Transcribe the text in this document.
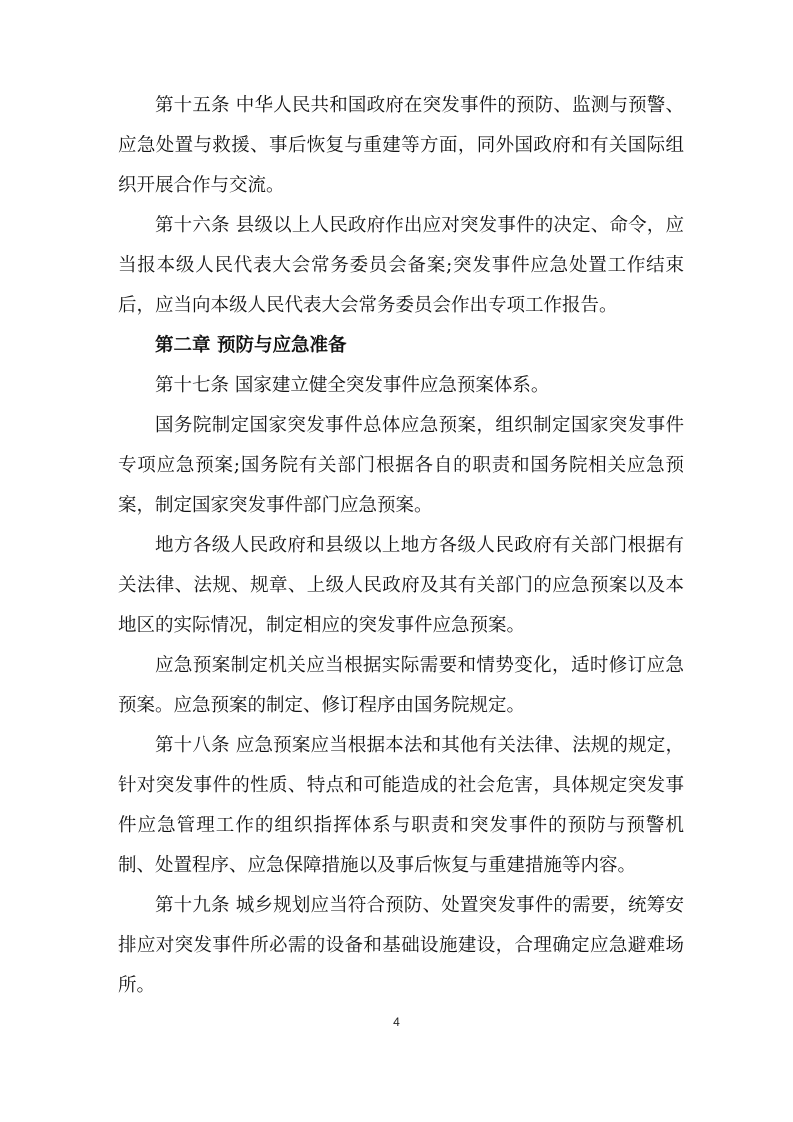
第十五条 中华人民共和国政府在突发事件的预防、监测与预警、应急处置与救援、事后恢复与重建等方面，同外国政府和有关国际组织开展合作与交流。

第十六条 县级以上人民政府作出应对突发事件的决定、命令，应当报本级人民代表大会常务委员会备案;突发事件应急处置工作结束后，应当向本级人民代表大会常务委员会作出专项工作报告。

第二章 预防与应急准备

第十七条 国家建立健全突发事件应急预案体系。

国务院制定国家突发事件总体应急预案，组织制定国家突发事件专项应急预案;国务院有关部门根据各自的职责和国务院相关应急预案，制定国家突发事件部门应急预案。

地方各级人民政府和县级以上地方各级人民政府有关部门根据有关法律、法规、规章、上级人民政府及其有关部门的应急预案以及本地区的实际情况，制定相应的突发事件应急预案。

应急预案制定机关应当根据实际需要和情势变化，适时修订应急预案。应急预案的制定、修订程序由国务院规定。

第十八条 应急预案应当根据本法和其他有关法律、法规的规定，针对突发事件的性质、特点和可能造成的社会危害，具体规定突发事件应急管理工作的组织指挥体系与职责和突发事件的预防与预警机制、处置程序、应急保障措施以及事后恢复与重建措施等内容。

第十九条 城乡规划应当符合预防、处置突发事件的需要，统筹安排应对突发事件所必需的设备和基础设施建设，合理确定应急避难场所。

4
